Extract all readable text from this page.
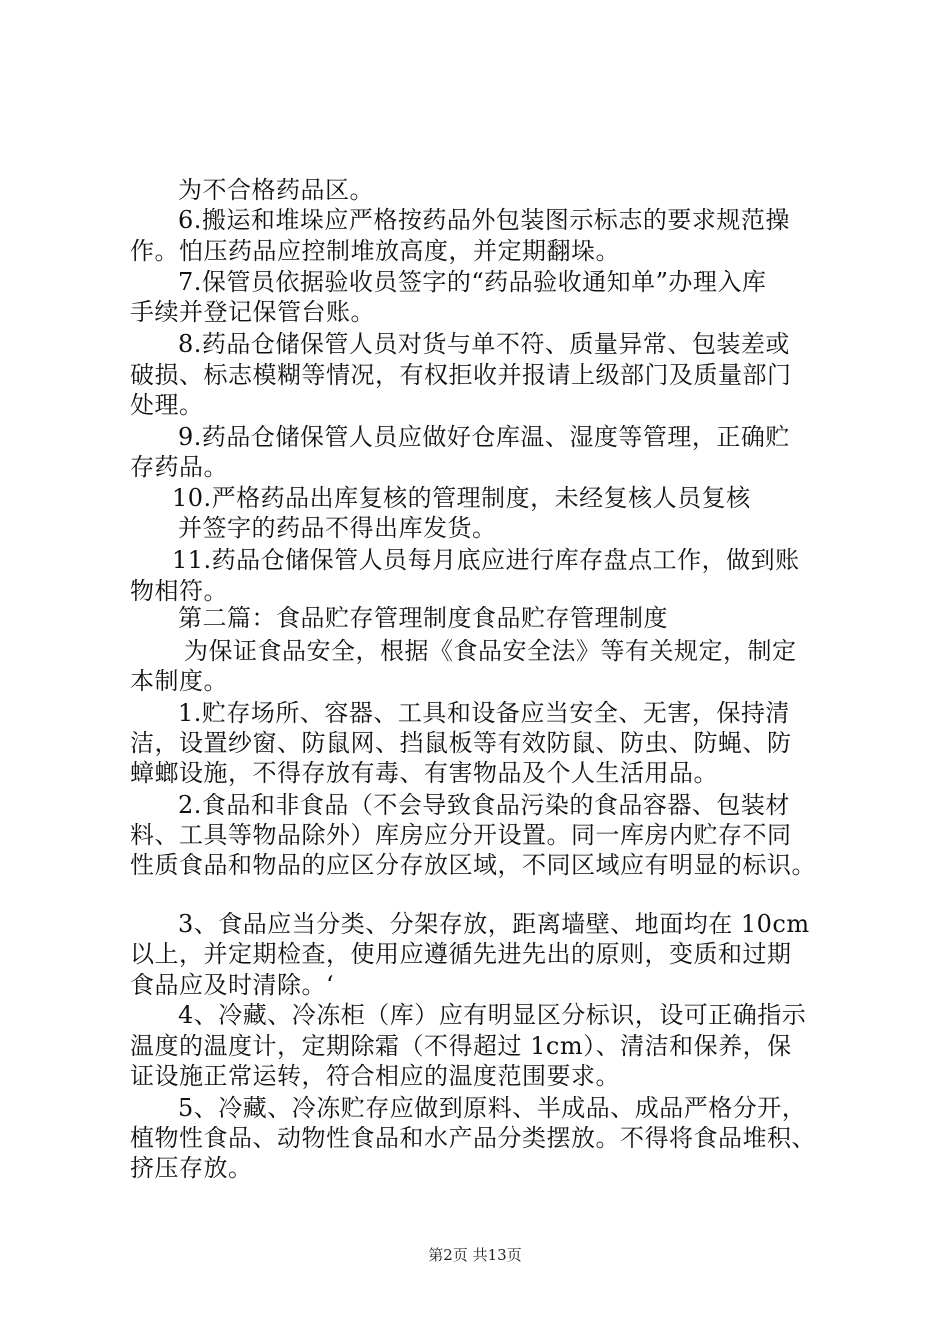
为不合格药品区。
6.搬运和堆垛应严格按药品外包装图示标志的要求规范操
作。怕压药品应控制堆放高度，并定期翻垛。
7.保管员依据验收员签字的“药品验收通知单”办理入库
手续并登记保管台账。
8.药品仓储保管人员对货与单不符、质量异常、包装差或
破损、标志模糊等情况，有权拒收并报请上级部门及质量部门
处理。
9.药品仓储保管人员应做好仓库温、湿度等管理，正确贮
存药品。
10.严格药品出库复核的管理制度，未经复核人员复核
并签字的药品不得出库发货。
11.药品仓储保管人员每月底应进行库存盘点工作，做到账
物相符。
第二篇：食品贮存管理制度食品贮存管理制度
为保证食品安全，根据《食品安全法》等有关规定，制定
本制度。
1.贮存场所、容器、工具和设备应当安全、无害，保持清
洁，设置纱窗、防鼠网、挡鼠板等有效防鼠、防虫、防蝇、防
蟑螂设施，不得存放有毒、有害物品及个人生活用品。
2.食品和非食品（不会导致食品污染的食品容器、包装材
料、工具等物品除外）库房应分开设置。同一库房内贮存不同
性质食品和物品的应区分存放区域，不同区域应有明显的标识。
3、食品应当分类、分架存放，距离墙壁、地面均在 10cm
以上，并定期检查，使用应遵循先进先出的原则，变质和过期
食品应及时清除。‘
4、冷藏、冷冻柜（库）应有明显区分标识，设可正确指示
温度的温度计，定期除霜（不得超过 1cm）、清洁和保养，保
证设施正常运转，符合相应的温度范围要求。
5、冷藏、冷冻贮存应做到原料、半成品、成品严格分开，
植物性食品、动物性食品和水产品分类摆放。不得将食品堆积、
挤压存放。
第2页 共13页
